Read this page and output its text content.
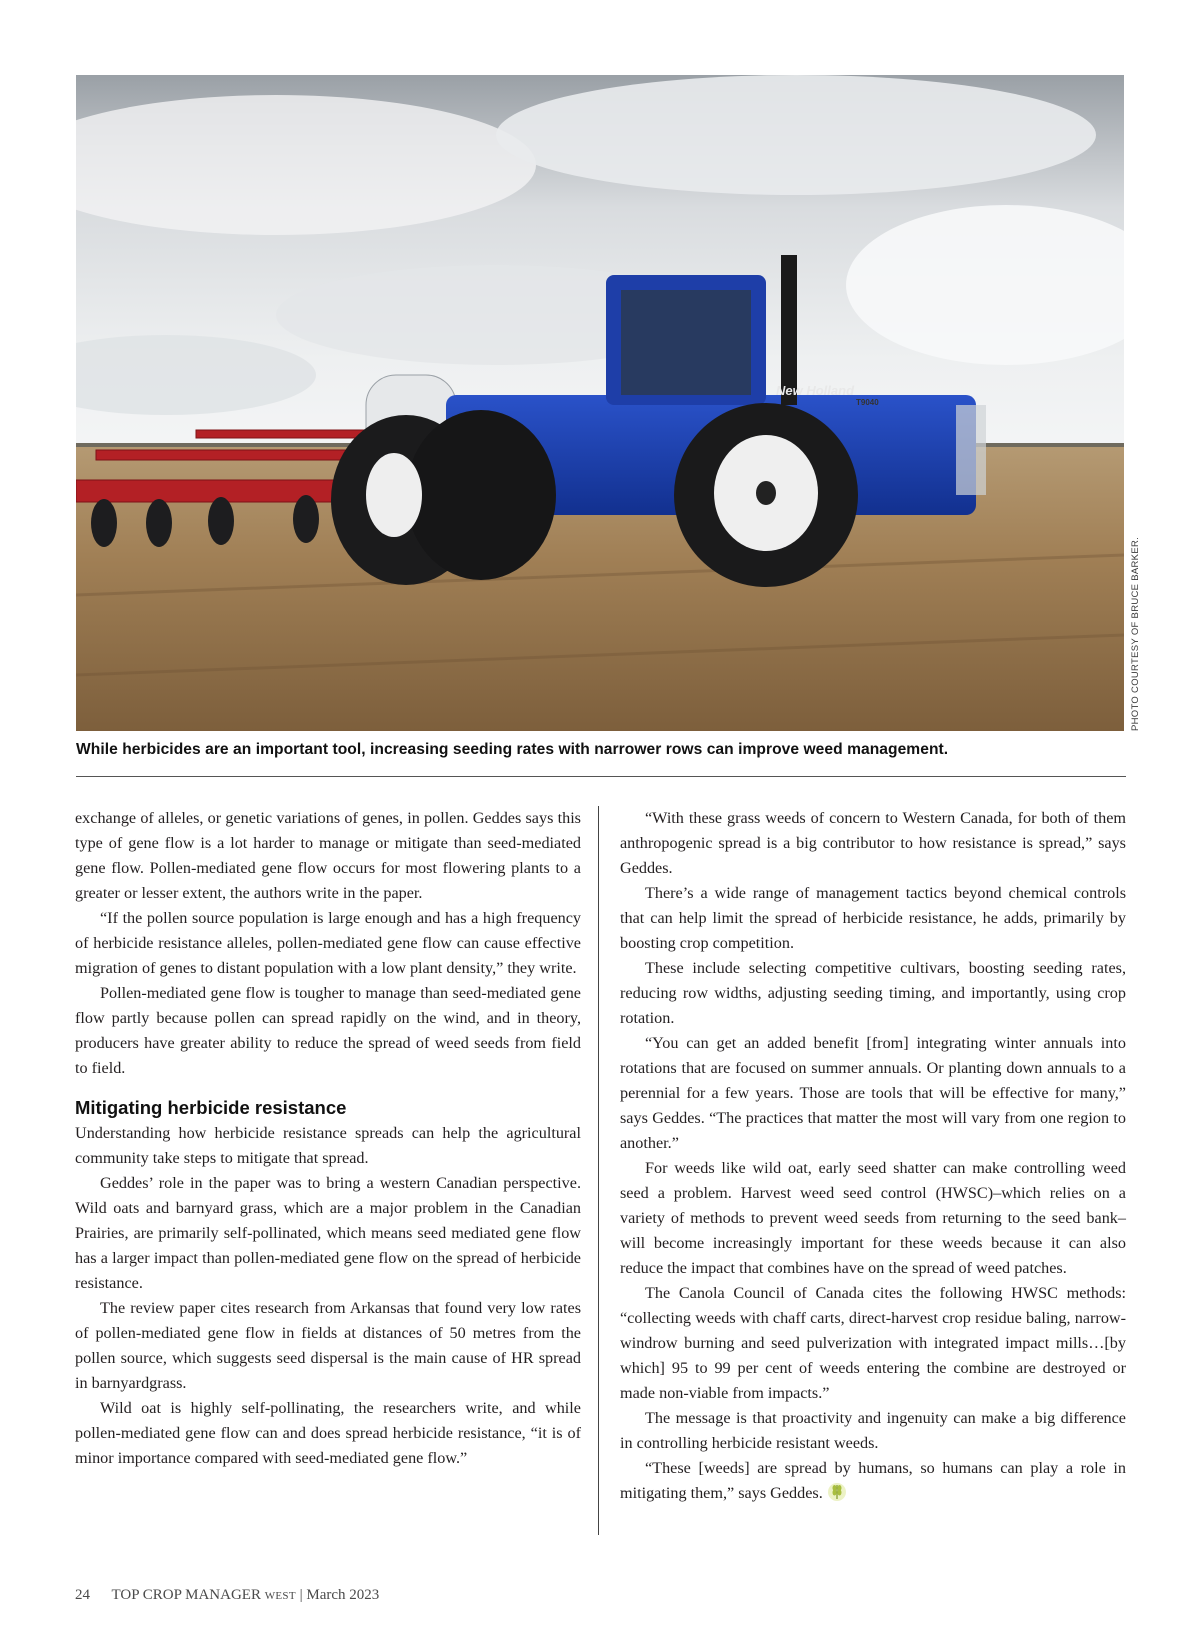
New Holland
T9040
PHOTO COURTESY OF BRUCE BARKER.
While herbicides are an important tool, increasing seeding rates with narrower rows can improve weed management.

exchange of alleles, or genetic variations of genes, in pollen. Geddes says this type of gene flow is a lot harder to manage or mitigate than seed-mediated gene flow. Pollen-mediated gene flow occurs for most flowering plants to a greater or lesser extent, the authors write in the paper.

“If the pollen source population is large enough and has a high frequency of herbicide resistance alleles, pollen-mediated gene flow can cause effective migration of genes to distant population with a low plant density,” they write.

Pollen-mediated gene flow is tougher to manage than seed-mediated gene flow partly because pollen can spread rapidly on the wind, and in theory, producers have greater ability to reduce the spread of weed seeds from field to field.

Mitigating herbicide resistance

Understanding how herbicide resistance spreads can help the agricultural community take steps to mitigate that spread.

Geddes’ role in the paper was to bring a western Canadian perspective. Wild oats and barnyard grass, which are a major problem in the Canadian Prairies, are primarily self-pollinated, which means seed mediated gene flow has a larger impact than pollen-mediated gene flow on the spread of herbicide resistance.

The review paper cites research from Arkansas that found very low rates of pollen-mediated gene flow in fields at distances of 50 metres from the pollen source, which suggests seed dispersal is the main cause of HR spread in barnyardgrass.

Wild oat is highly self-pollinating, the researchers write, and while pollen-mediated gene flow can and does spread herbicide resistance, “it is of minor importance compared with seed-mediated gene flow.”

“With these grass weeds of concern to Western Canada, for both of them anthropogenic spread is a big contributor to how resistance is spread,” says Geddes.

There’s a wide range of management tactics beyond chemical controls that can help limit the spread of herbicide resistance, he adds, primarily by boosting crop competition.

These include selecting competitive cultivars, boosting seeding rates, reducing row widths, adjusting seeding timing, and importantly, using crop rotation.

“You can get an added benefit [from] integrating winter annuals into rotations that are focused on summer annuals. Or planting down annuals to a perennial for a few years. Those are tools that will be effective for many,” says Geddes. “The practices that matter the most will vary from one region to another.”

For weeds like wild oat, early seed shatter can make controlling weed seed a problem. Harvest weed seed control (HWSC)–which relies on a variety of methods to prevent weed seeds from returning to the seed bank–will become increasingly important for these weeds because it can also reduce the impact that combines have on the spread of weed patches.

The Canola Council of Canada cites the following HWSC methods: “collecting weeds with chaff carts, direct-harvest crop residue baling, narrow-windrow burning and seed pulverization with integrated impact mills…[by which] 95 to 99 per cent of weeds entering the combine are destroyed or made non-viable from impacts.”

The message is that proactivity and ingenuity can make a big difference in controlling herbicide resistant weeds.

“These [weeds] are spread by humans, so humans can play a role in mitigating them,” says Geddes.

24 TOP CROP MANAGER WEST | March 2023
